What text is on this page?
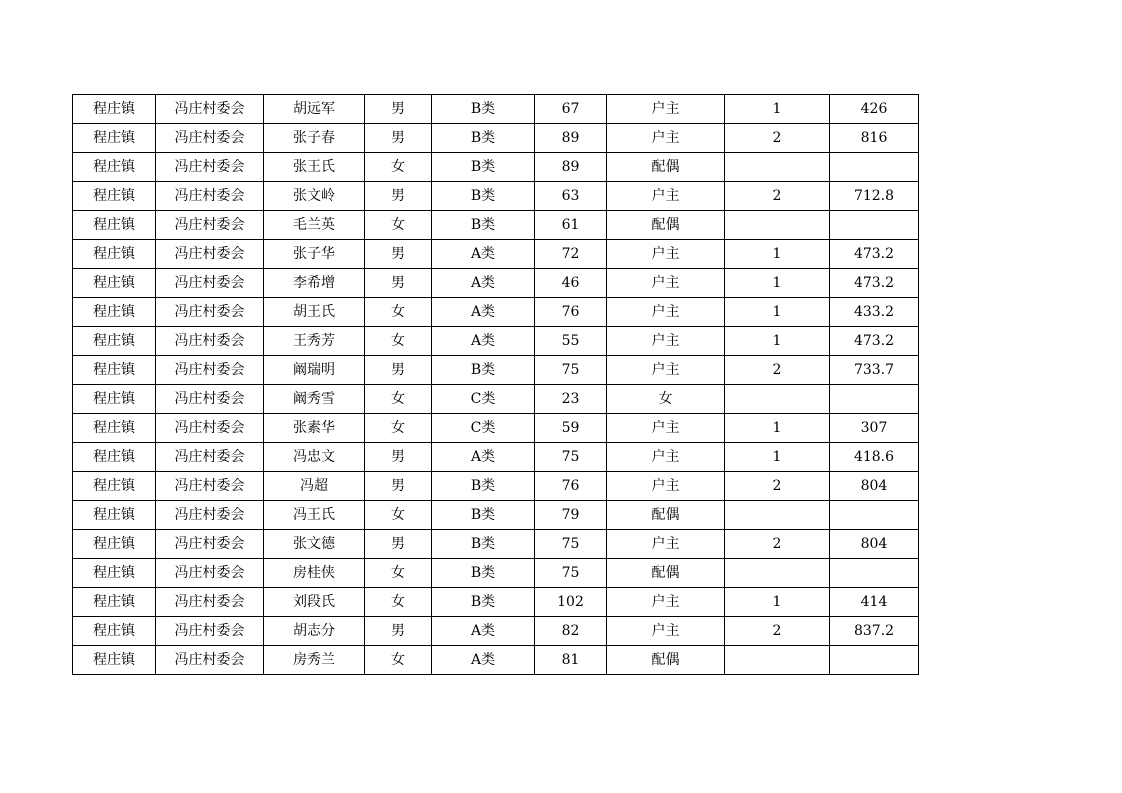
程庄镇	冯庄村委会	胡远军	男	B类	67	户主	1	426
程庄镇	冯庄村委会	张子春	男	B类	89	户主	2	816
程庄镇	冯庄村委会	张王氏	女	B类	89	配偶		
程庄镇	冯庄村委会	张文岭	男	B类	63	户主	2	712.8
程庄镇	冯庄村委会	毛兰英	女	B类	61	配偶		
程庄镇	冯庄村委会	张子华	男	A类	72	户主	1	473.2
程庄镇	冯庄村委会	李希增	男	A类	46	户主	1	473.2
程庄镇	冯庄村委会	胡王氏	女	A类	76	户主	1	433.2
程庄镇	冯庄村委会	王秀芳	女	A类	55	户主	1	473.2
程庄镇	冯庄村委会	阚瑞明	男	B类	75	户主	2	733.7
程庄镇	冯庄村委会	阚秀雪	女	C类	23	女		
程庄镇	冯庄村委会	张素华	女	C类	59	户主	1	307
程庄镇	冯庄村委会	冯忠文	男	A类	75	户主	1	418.6
程庄镇	冯庄村委会	冯超	男	B类	76	户主	2	804
程庄镇	冯庄村委会	冯王氏	女	B类	79	配偶		
程庄镇	冯庄村委会	张文德	男	B类	75	户主	2	804
程庄镇	冯庄村委会	房桂侠	女	B类	75	配偶		
程庄镇	冯庄村委会	刘段氏	女	B类	102	户主	1	414
程庄镇	冯庄村委会	胡志分	男	A类	82	户主	2	837.2
程庄镇	冯庄村委会	房秀兰	女	A类	81	配偶		
